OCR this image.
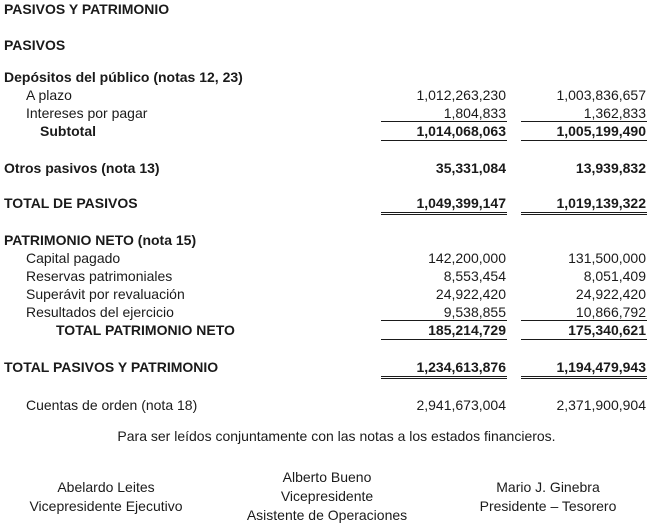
PASIVOS Y PATRIMONIO
PASIVOS
Depósitos del público (notas 12, 23)
A plazo	1,012,263,230	1,003,836,657
Intereses por pagar	1,804,833	1,362,833
Subtotal	1,014,068,063	1,005,199,490
Otros pasivos (nota 13)	35,331,084	13,939,832
TOTAL DE PASIVOS	1,049,399,147	1,019,139,322
PATRIMONIO NETO (nota 15)
Capital pagado	142,200,000	131,500,000
Reservas patrimoniales	8,553,454	8,051,409
Superávit por revaluación	24,922,420	24,922,420
Resultados del ejercicio	9,538,855	10,866,792
TOTAL PATRIMONIO NETO	185,214,729	175,340,621
TOTAL PASIVOS Y PATRIMONIO	1,234,613,876	1,194,479,943
Cuentas de orden (nota 18)	2,941,673,004	2,371,900,904
Para ser leídos conjuntamente con las notas a los estados financieros.
Abelardo Leites
Vicepresidente Ejecutivo
Alberto Bueno
Vicepresidente
Asistente de Operaciones
Mario J. Ginebra
Presidente – Tesorero
